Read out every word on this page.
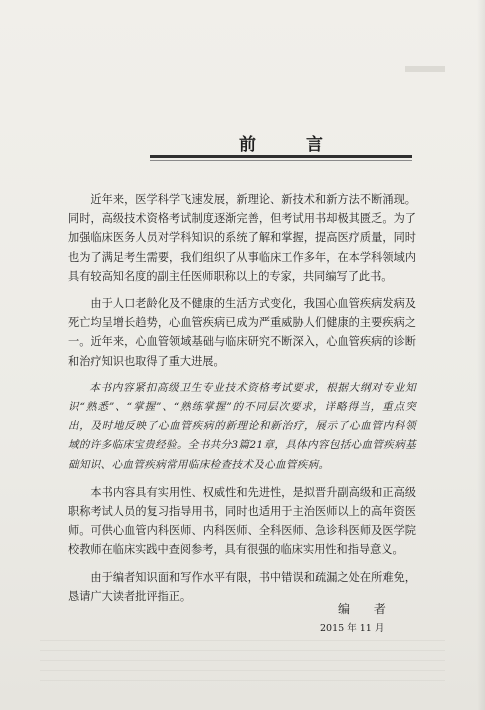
前 言

近年来，医学科学飞速发展，新理论、新技术和新方法不断涌现。同时，高级技术资格考试制度逐渐完善，但考试用书却极其匮乏。为了加强临床医务人员对学科知识的系统了解和掌握，提高医疗质量，同时也为了满足考生需要，我们组织了从事临床工作多年，在本学科领域内具有较高知名度的副主任医师职称以上的专家，共同编写了此书。

由于人口老龄化及不健康的生活方式变化，我国心血管疾病发病及死亡均呈增长趋势，心血管疾病已成为严重威胁人们健康的主要疾病之一。近年来，心血管领域基础与临床研究不断深入，心血管疾病的诊断和治疗知识也取得了重大进展。

本书内容紧扣高级卫生专业技术资格考试要求，根据大纲对专业知识“熟悉”、“掌握”、“熟练掌握”的不同层次要求，详略得当，重点突出，及时地反映了心血管疾病的新理论和新治疗，展示了心血管内科领域的许多临床宝贵经验。全书共分3篇21章，具体内容包括心血管疾病基础知识、心血管疾病常用临床检查技术及心血管疾病。

本书内容具有实用性、权威性和先进性，是拟晋升副高级和正高级职称考试人员的复习指导用书，同时也适用于主治医师以上的高年资医师。可供心血管内科医师、内科医师、全科医师、急诊科医师及医学院校教师在临床实践中查阅参考，具有很强的临床实用性和指导意义。

由于编者知识面和写作水平有限，书中错误和疏漏之处在所难免，恳请广大读者批评指正。

编 者
2015 年 11 月
